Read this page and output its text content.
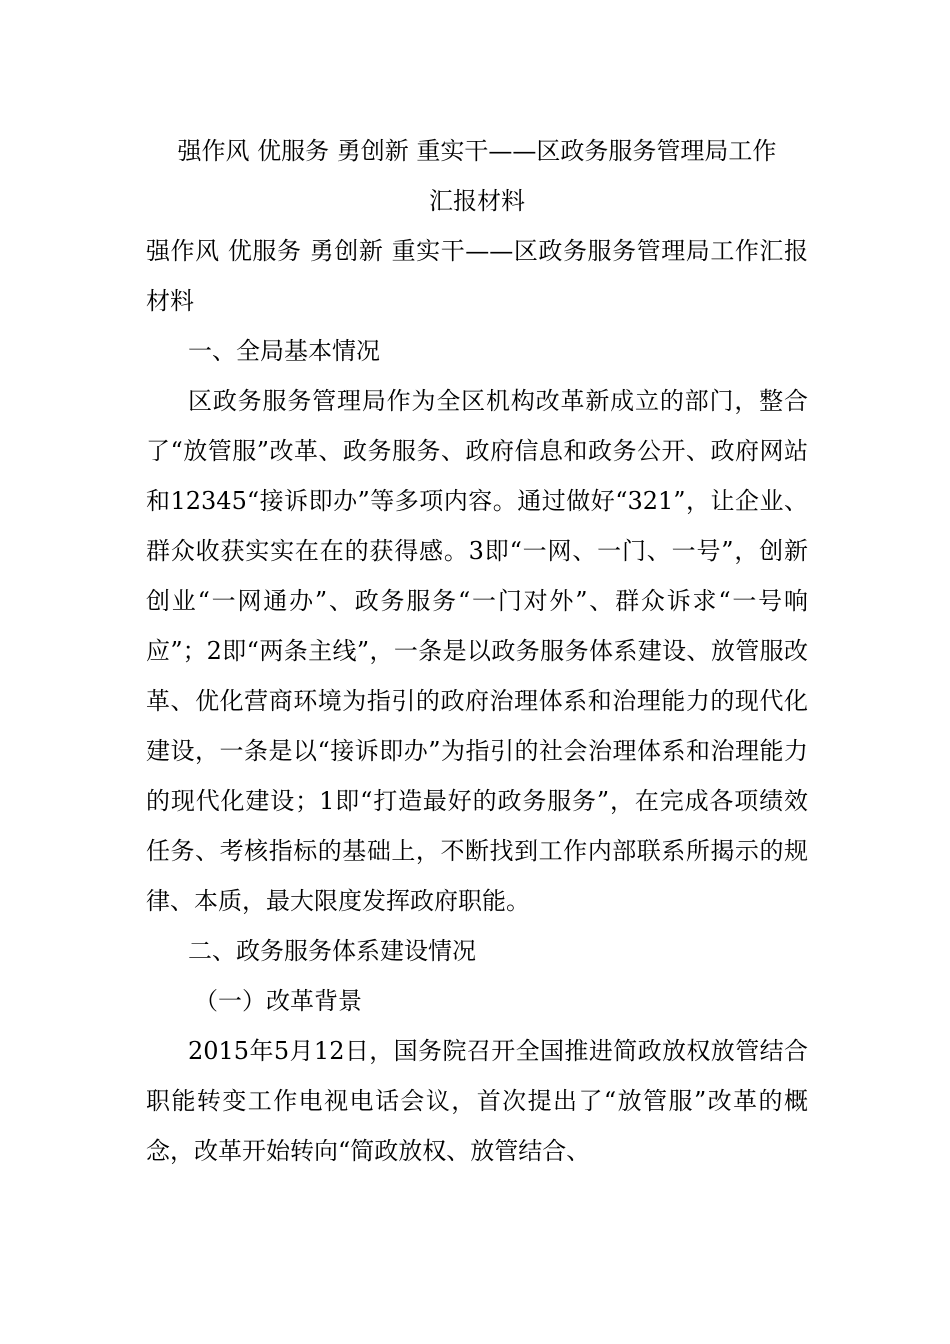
强作风 优服务 勇创新 重实干——区政务服务管理局工作

汇报材料

强作风 优服务 勇创新 重实干——区政务服务管理局工作汇报材料

一、全局基本情况

区政务服务管理局作为全区机构改革新成立的部门，整合了“放管服”改革、政务服务、政府信息和政务公开、政府网站和12345“接诉即办”等多项内容。通过做好“321”，让企业、群众收获实实在在的获得感。3即“一网、一门、一号”，创新创业“一网通办”、政务服务“一门对外”、群众诉求“一号响应”；2即“两条主线”，一条是以政务服务体系建设、放管服改革、优化营商环境为指引的政府治理体系和治理能力的现代化建设，一条是以“接诉即办”为指引的社会治理体系和治理能力的现代化建设；1即“打造最好的政务服务”，在完成各项绩效任务、考核指标的基础上，不断找到工作内部联系所揭示的规律、本质，最大限度发挥政府职能。

二、政务服务体系建设情况

（一）改革背景

2015年5月12日，国务院召开全国推进简政放权放管结合职能转变工作电视电话会议，首次提出了“放管服”改革的概念，改革开始转向“简政放权、放管结合、
